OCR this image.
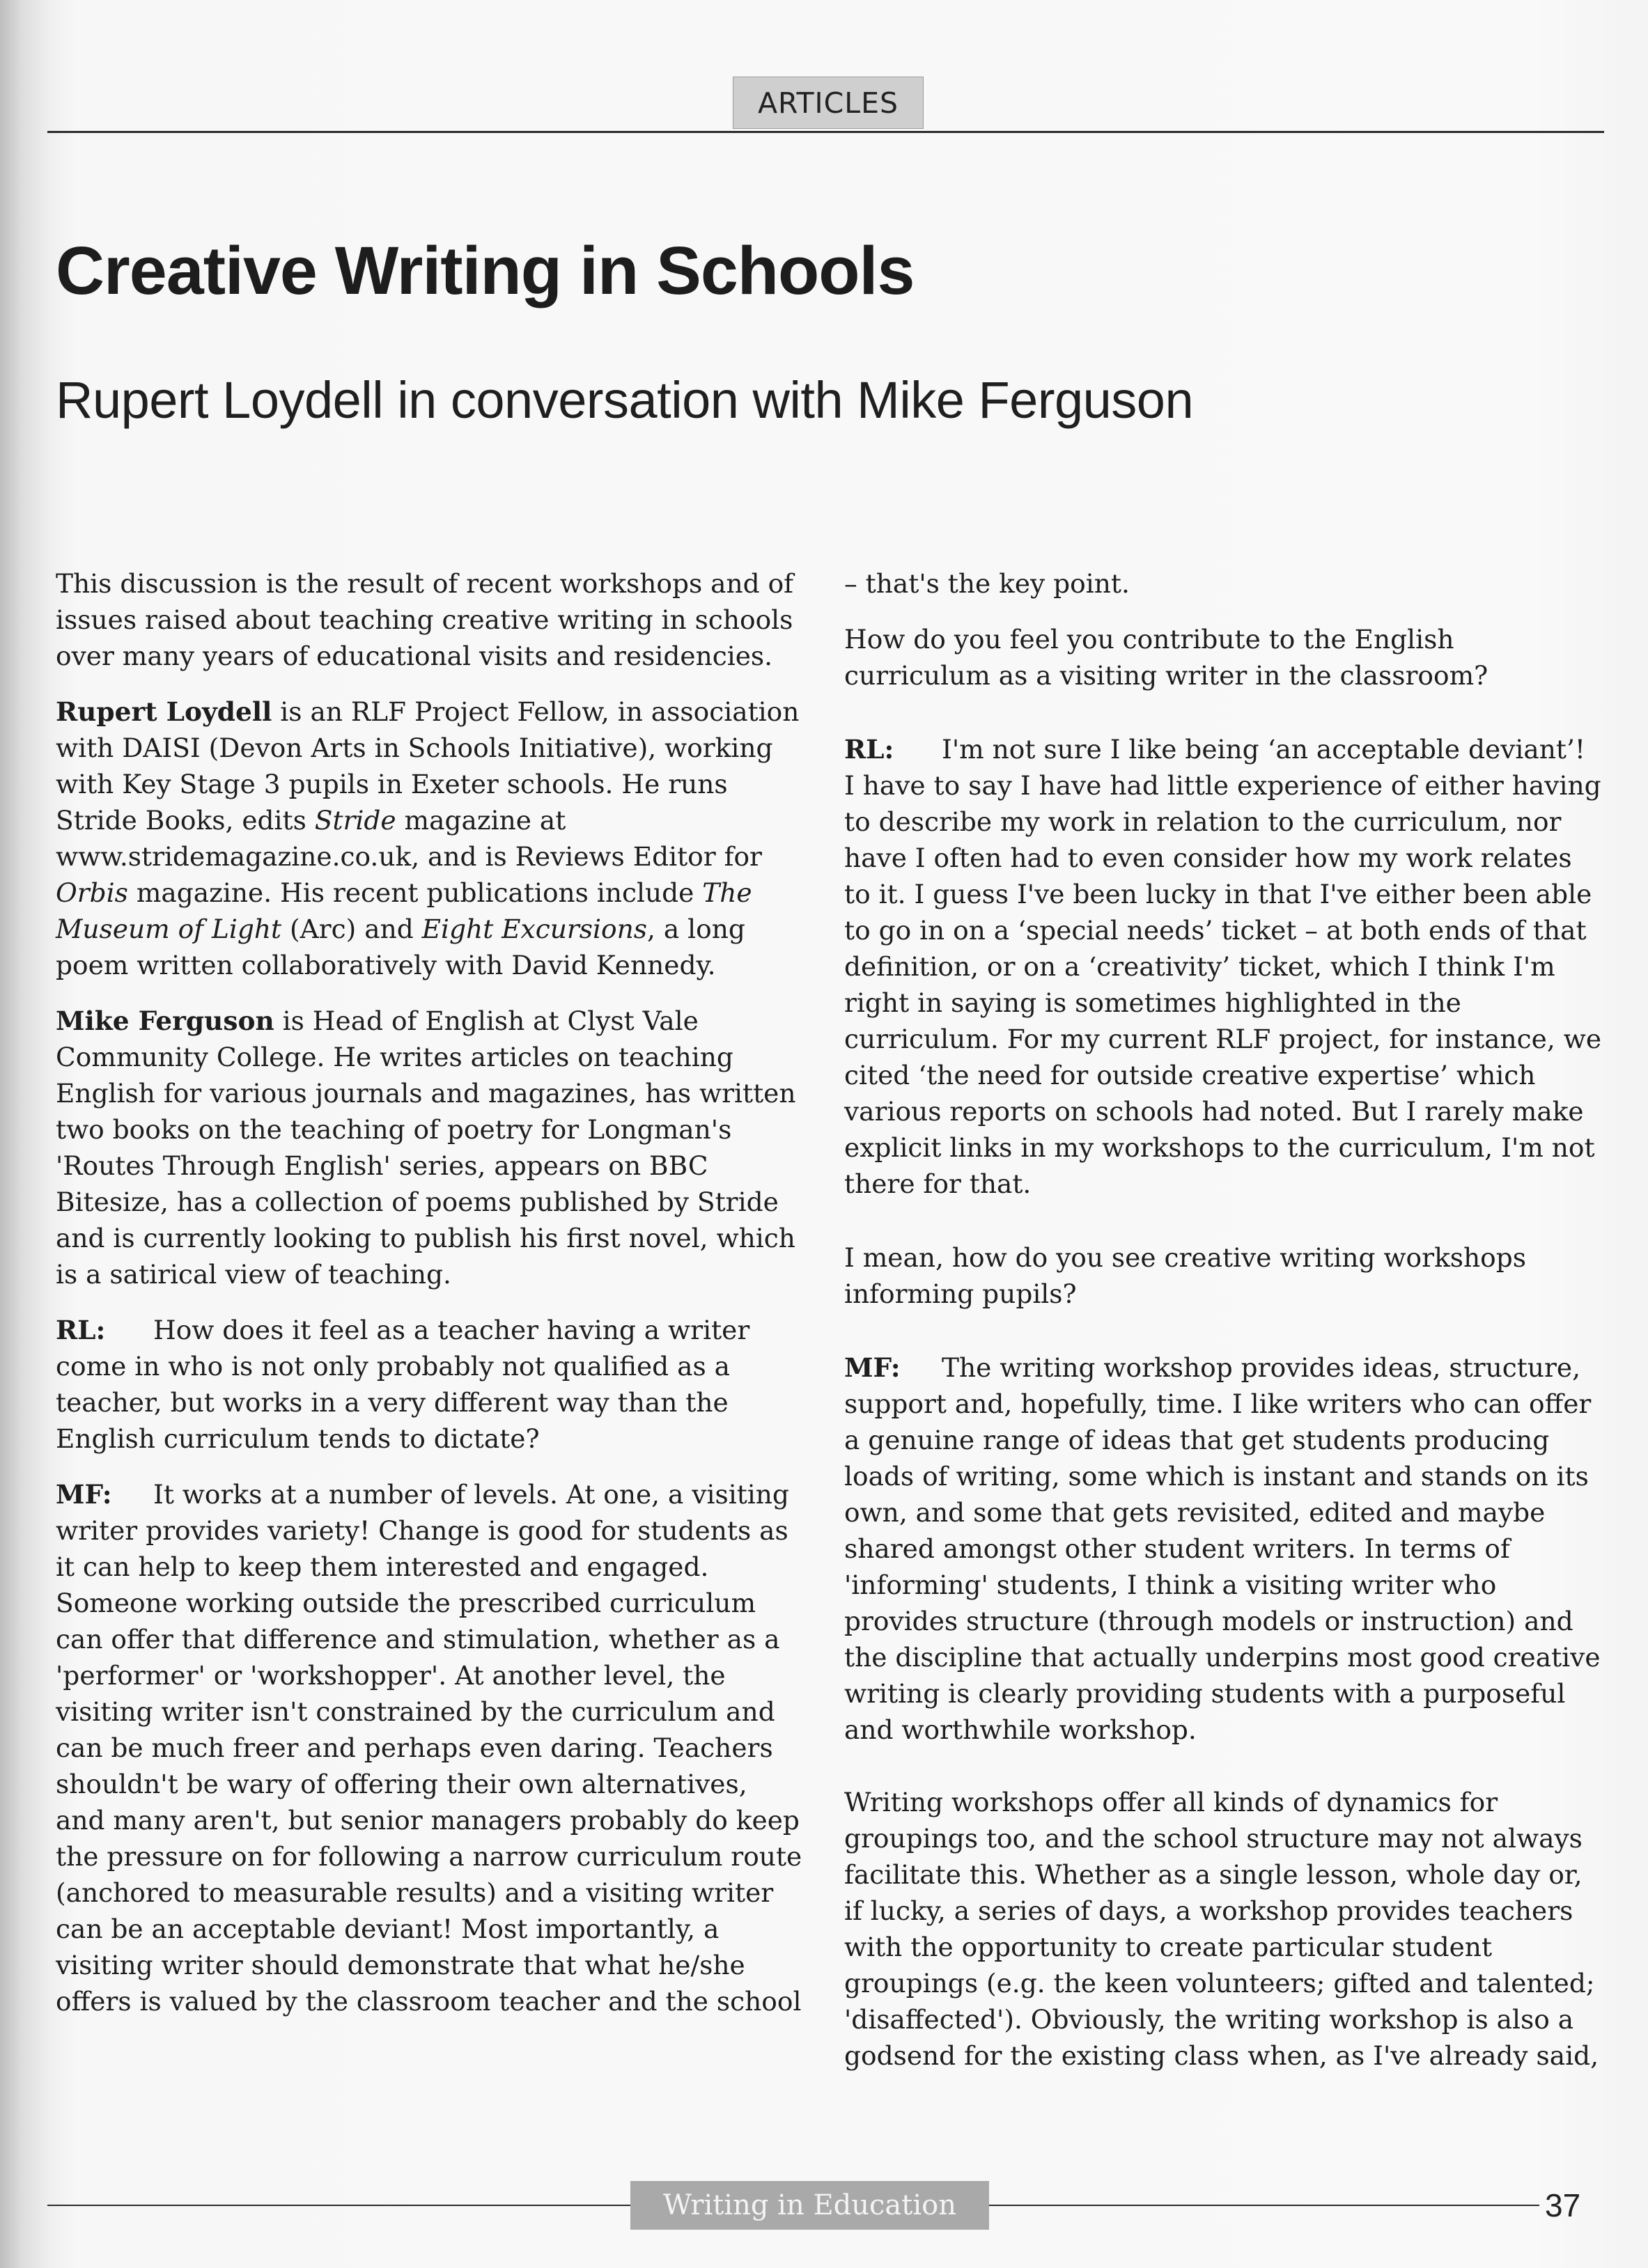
ARTICLES
Creative Writing in Schools
Rupert Loydell in conversation with Mike Ferguson

This discussion is the result of recent workshops and of issues raised about teaching creative writing in schools over many years of educational visits and residencies.

Rupert Loydell is an RLF Project Fellow, in association with DAISI (Devon Arts in Schools Initiative), working with Key Stage 3 pupils in Exeter schools. He runs Stride Books, edits Stride magazine at www.stridemagazine.co.uk, and is Reviews Editor for Orbis magazine. His recent publications include The Museum of Light (Arc) and Eight Excursions, a long poem written collaboratively with David Kennedy.

Mike Ferguson is Head of English at Clyst Vale Community College. He writes articles on teaching English for various journals and magazines, has written two books on the teaching of poetry for Longman's 'Routes Through English' series, appears on BBC Bitesize, has a collection of poems published by Stride and is currently looking to publish his first novel, which is a satirical view of teaching.

RL: How does it feel as a teacher having a writer come in who is not only probably not qualified as a teacher, but works in a very different way than the English curriculum tends to dictate?

MF: It works at a number of levels. At one, a visiting writer provides variety! Change is good for students as it can help to keep them interested and engaged. Someone working outside the prescribed curriculum can offer that difference and stimulation, whether as a 'performer' or 'workshopper'. At another level, the visiting writer isn't constrained by the curriculum and can be much freer and perhaps even daring. Teachers shouldn't be wary of offering their own alternatives, and many aren't, but senior managers probably do keep the pressure on for following a narrow curriculum route (anchored to measurable results) and a visiting writer can be an acceptable deviant! Most importantly, a visiting writer should demonstrate that what he/she offers is valued by the classroom teacher and the school

– that's the key point.

How do you feel you contribute to the English curriculum as a visiting writer in the classroom?

RL: I'm not sure I like being ‘an acceptable deviant’! I have to say I have had little experience of either having to describe my work in relation to the curriculum, nor have I often had to even consider how my work relates to it. I guess I've been lucky in that I've either been able to go in on a ‘special needs’ ticket – at both ends of that definition, or on a ‘creativity’ ticket, which I think I'm right in saying is sometimes highlighted in the curriculum. For my current RLF project, for instance, we cited ‘the need for outside creative expertise’ which various reports on schools had noted. But I rarely make explicit links in my workshops to the curriculum, I'm not there for that.

I mean, how do you see creative writing workshops informing pupils?

MF: The writing workshop provides ideas, structure, support and, hopefully, time. I like writers who can offer a genuine range of ideas that get students producing loads of writing, some which is instant and stands on its own, and some that gets revisited, edited and maybe shared amongst other student writers. In terms of 'informing' students, I think a visiting writer who provides structure (through models or instruction) and the discipline that actually underpins most good creative writing is clearly providing students with a purposeful and worthwhile workshop.

Writing workshops offer all kinds of dynamics for groupings too, and the school structure may not always facilitate this. Whether as a single lesson, whole day or, if lucky, a series of days, a workshop provides teachers with the opportunity to create particular student groupings (e.g. the keen volunteers; gifted and talented; 'disaffected'). Obviously, the writing workshop is also a godsend for the existing class when, as I've already said,

Writing in Education	37
